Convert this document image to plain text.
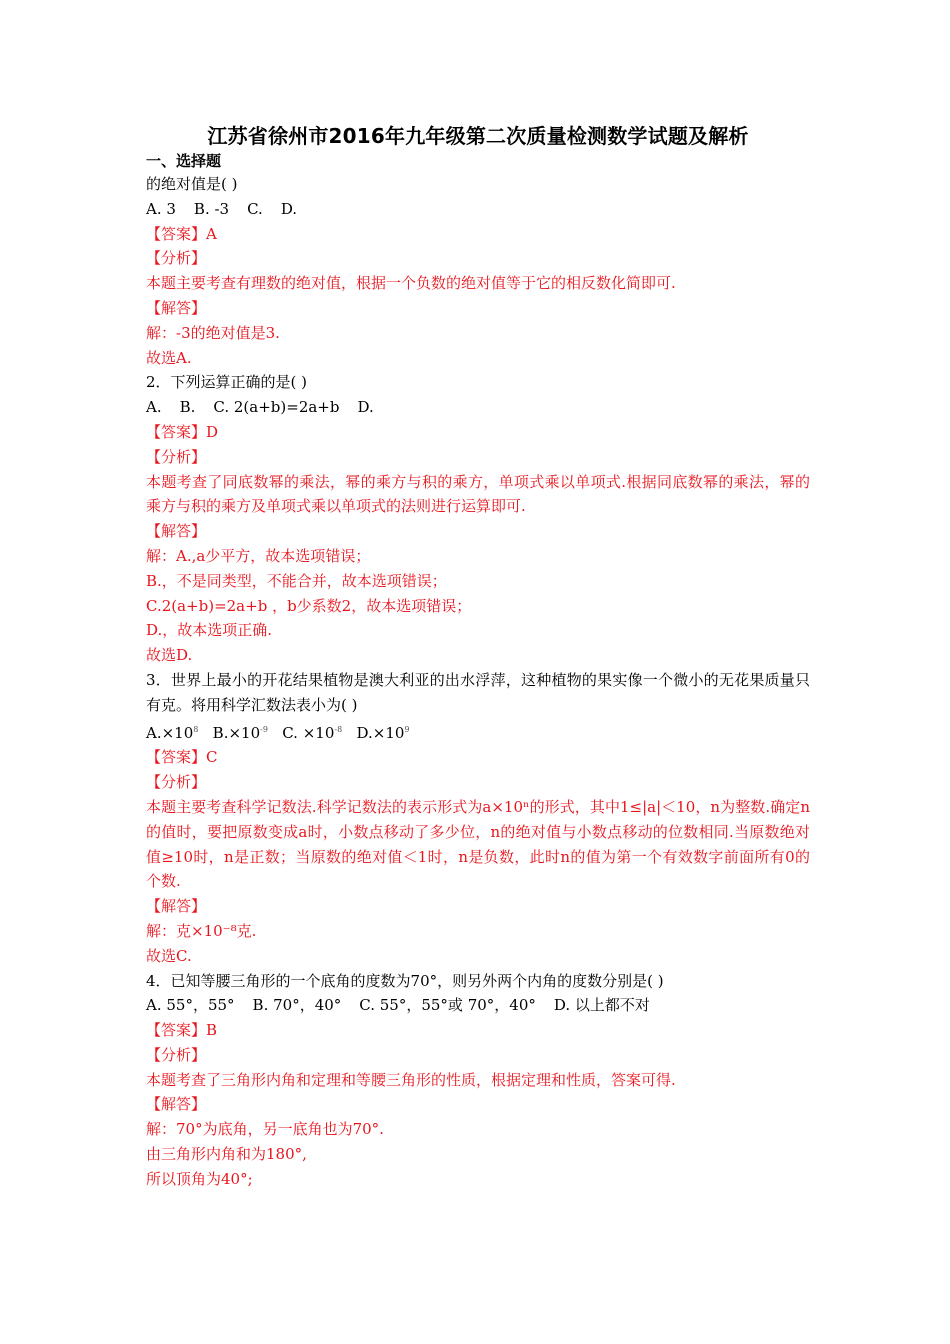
江苏省徐州市2016年九年级第二次质量检测数学试题及解析

一、选择题

的绝对值是( )

A. 3 B. -3 C. D.

【答案】A

【分析】

本题主要考查有理数的绝对值，根据一个负数的绝对值等于它的相反数化简即可.

【解答】

解：-3的绝对值是3.

故选A.

2．下列运算正确的是( )

A. B. C. 2(a+b)=2a+b D.

【答案】D

【分析】

本题考查了同底数幂的乘法，幂的乘方与积的乘方，单项式乘以单项式.根据同底数幂的乘法，幂的乘方与积的乘方及单项式乘以单项式的法则进行运算即可.

【解答】

解：A.,a少平方，故本选项错误；

B.，不是同类型，不能合并，故本选项错误；

C.2(a+b)=2a+b ，b少系数2，故本选项错误；

D.，故本选项正确.

故选D.

3．世界上最小的开花结果植物是澳大利亚的出水浮萍，这种植物的果实像一个微小的无花果质量只有克。将用科学汇数法表小为( )

$A.\times 10^8$ $B.\times 10^{-9}$ C. $\times 10^{-8}$ $D.\times 10^9$

【答案】C

【分析】

本题主要考查科学记数法.科学记数法的表示形式为a×10ⁿ的形式，其中1≤|a|＜10，n为整数.确定n的值时，要把原数变成a时，小数点移动了多少位，n的绝对值与小数点移动的位数相同.当原数绝对值≥10时，n是正数；当原数的绝对值＜1时，n是负数，此时n的值为第一个有效数字前面所有0的个数.

【解答】

解：克×10⁻⁸克.

故选C.

4．已知等腰三角形的一个底角的度数为70°，则另外两个内角的度数分别是( )

A. 55°，55° B. 70°，40° C. 55°，55°或 70°，40° D. 以上都不对

【答案】B

【分析】

本题考查了三角形内角和定理和等腰三角形的性质，根据定理和性质，答案可得.

【解答】

解：70°为底角，另一底角也为70°.

由三角形内角和为180°,

所以顶角为40°;
